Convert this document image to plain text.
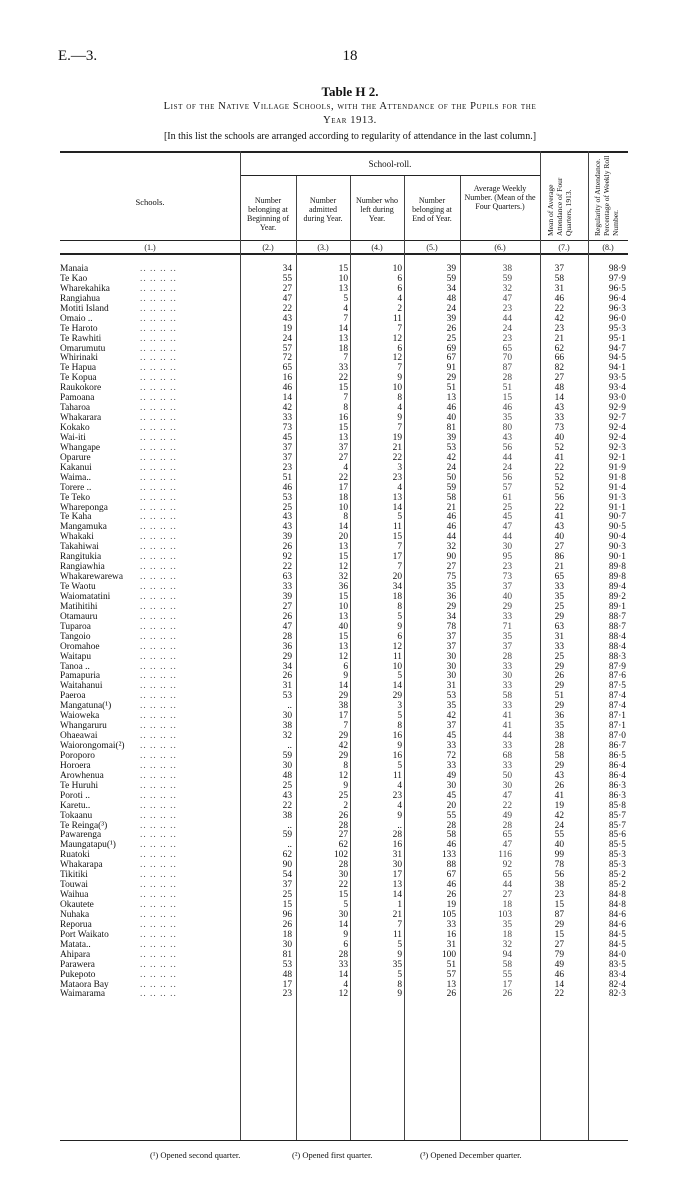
E.—3.	18
Table H 2.
List of the Native Village Schools, with the Attendance of the Pupils for the
Year 1913.
[In this list the schools are arranged according to regularity of attendance in the last column.]
Schools.
School-roll.
Number belonging at Beginning of Year.
Number admitted during Year.
Number who left during Year.
Number belonging at End of Year.
Average Weekly Number. (Mean of the Four Quarters.)	Mean of Average Attendance of Four Quarters, 1913.	Regularity of Attendance. Percentage of Weekly Roll Number.
(1.)	(2.)	(3.)	(4.)	(5.)	(6.)	(7.)	(8.)
.. .. .. ..
Manaia	34	15	10	39	38	37	98·9
.. .. .. ..
Te Kao	55	10	6	59	59	58	97·9
.. .. .. ..
Wharekahika	27	13	6	34	32	31	96·5
.. .. .. ..
Rangiahua	47	5	4	48	47	46	96·4
.. .. .. ..
Motiti Island	22	4	2	24	23	22	96·3
.. .. .. ..
Omaio ..	43	7	11	39	44	42	96·0
.. .. .. ..
Te Haroto	19	14	7	26	24	23	95·3
.. .. .. ..
Te Rawhiti	24	13	12	25	23	21	95·1
.. .. .. ..
Omarumutu	57	18	6	69	65	62	94·7
.. .. .. ..
Whirinaki	72	7	12	67	70	66	94·5
.. .. .. ..
Te Hapua	65	33	7	91	87	82	94·1
.. .. .. ..
Te Kopua	16	22	9	29	28	27	93·5
.. .. .. ..
Raukokore	46	15	10	51	51	48	93·4
.. .. .. ..
Pamoana	14	7	8	13	15	14	93·0
.. .. .. ..
Taharoa	42	8	4	46	46	43	92·9
.. .. .. ..
Whakarara	33	16	9	40	35	33	92·7
.. .. .. ..
Kokako	73	15	7	81	80	73	92·4
.. .. .. ..
Wai-iti	45	13	19	39	43	40	92·4
.. .. .. ..
Whangape	37	37	21	53	56	52	92·3
.. .. .. ..
Oparure	37	27	22	42	44	41	92·1
.. .. .. ..
Kakanui	23	4	3	24	24	22	91·9
.. .. .. ..
Waima..	51	22	23	50	56	52	91·8
.. .. .. ..
Torere ..	46	17	4	59	57	52	91·4
.. .. .. ..
Te Teko	53	18	13	58	61	56	91·3
.. .. .. ..
Whareponga	25	10	14	21	25	22	91·1
.. .. .. ..
Te Kaha	43	8	5	46	45	41	90·7
.. .. .. ..
Mangamuka	43	14	11	46	47	43	90·5
.. .. .. ..
Whakaki	39	20	15	44	44	40	90·4
.. .. .. ..
Takahiwai	26	13	7	32	30	27	90·3
.. .. .. ..
Rangitukia	92	15	17	90	95	86	90·1
.. .. .. ..
Rangiawhia	22	12	7	27	23	21	89·8
.. .. .. ..
Whakarewarewa	63	32	20	75	73	65	89·8
.. .. .. ..
Te Waotu	33	36	34	35	37	33	89·4
.. .. .. ..
Waiomatatini	39	15	18	36	40	35	89·2
.. .. .. ..
Matihitihi	27	10	8	29	29	25	89·1
.. .. .. ..
Otamauru	26	13	5	34	33	29	88·7
.. .. .. ..
Tuparoa	47	40	9	78	71	63	88·7
.. .. .. ..
Tangoio	28	15	6	37	35	31	88·4
.. .. .. ..
Oromahoe	36	13	12	37	37	33	88·4
.. .. .. ..
Waitapu	29	12	11	30	28	25	88·3
.. .. .. ..
Tanoa ..	34	6	10	30	33	29	87·9
.. .. .. ..
Pamapuria	26	9	5	30	30	26	87·6
.. .. .. ..
Waitahanui	31	14	14	31	33	29	87·5
.. .. .. ..
Paeroa	53	29	29	53	58	51	87·4
.. .. .. ..
Mangatuna(¹)	..	38	3	35	33	29	87·4
.. .. .. ..
Waioweka	30	17	5	42	41	36	87·1
.. .. .. ..
Whangaruru	38	7	8	37	41	35	87·1
.. .. .. ..
Ohaeawai	32	29	16	45	44	38	87·0
.. .. .. ..
Waiorongomai(²)	..	42	9	33	33	28	86·7
.. .. .. ..
Poroporo	59	29	16	72	68	58	86·5
.. .. .. ..
Horoera	30	8	5	33	33	29	86·4
.. .. .. ..
Arowhenua	48	12	11	49	50	43	86·4
.. .. .. ..
Te Huruhi	25	9	4	30	30	26	86·3
.. .. .. ..
Poroti ..	43	25	23	45	47	41	86·3
.. .. .. ..
Karetu..	22	2	4	20	22	19	85·8
.. .. .. ..
Tokaanu	38	26	9	55	49	42	85·7
.. .. .. ..
Te Reinga(³)	..	28	..	28	28	24	85·7
.. .. .. ..
Pawarenga	59	27	28	58	65	55	85·6
.. .. .. ..
Maungatapu(¹)	..	62	16	46	47	40	85·5
.. .. .. ..
Ruatoki	62	102	31	133	116	99	85·3
.. .. .. ..
Whakarapa	90	28	30	88	92	78	85·3
.. .. .. ..
Tikitiki	54	30	17	67	65	56	85·2
.. .. .. ..
Touwai	37	22	13	46	44	38	85·2
.. .. .. ..
Waihua	25	15	14	26	27	23	84·8
.. .. .. ..
Okautete	15	5	1	19	18	15	84·8
.. .. .. ..
Nuhaka	96	30	21	105	103	87	84·6
.. .. .. ..
Reporua	26	14	7	33	35	29	84·6
.. .. .. ..
Port Waikato	18	9	11	16	18	15	84·5
.. .. .. ..
Matata..	30	6	5	31	32	27	84·5
.. .. .. ..
Ahipara	81	28	9	100	94	79	84·0
.. .. .. ..
Parawera	53	33	35	51	58	49	83·5
.. .. .. ..
Pukepoto	48	14	5	57	55	46	83·4
.. .. .. ..
Mataora Bay	17	4	8	13	17	14	82·4
.. .. .. ..
Waimarama	23	12	9	26	26	22	82·3
(¹) Opened second quarter.	(²) Opened first quarter.	(³) Opened December quarter.
